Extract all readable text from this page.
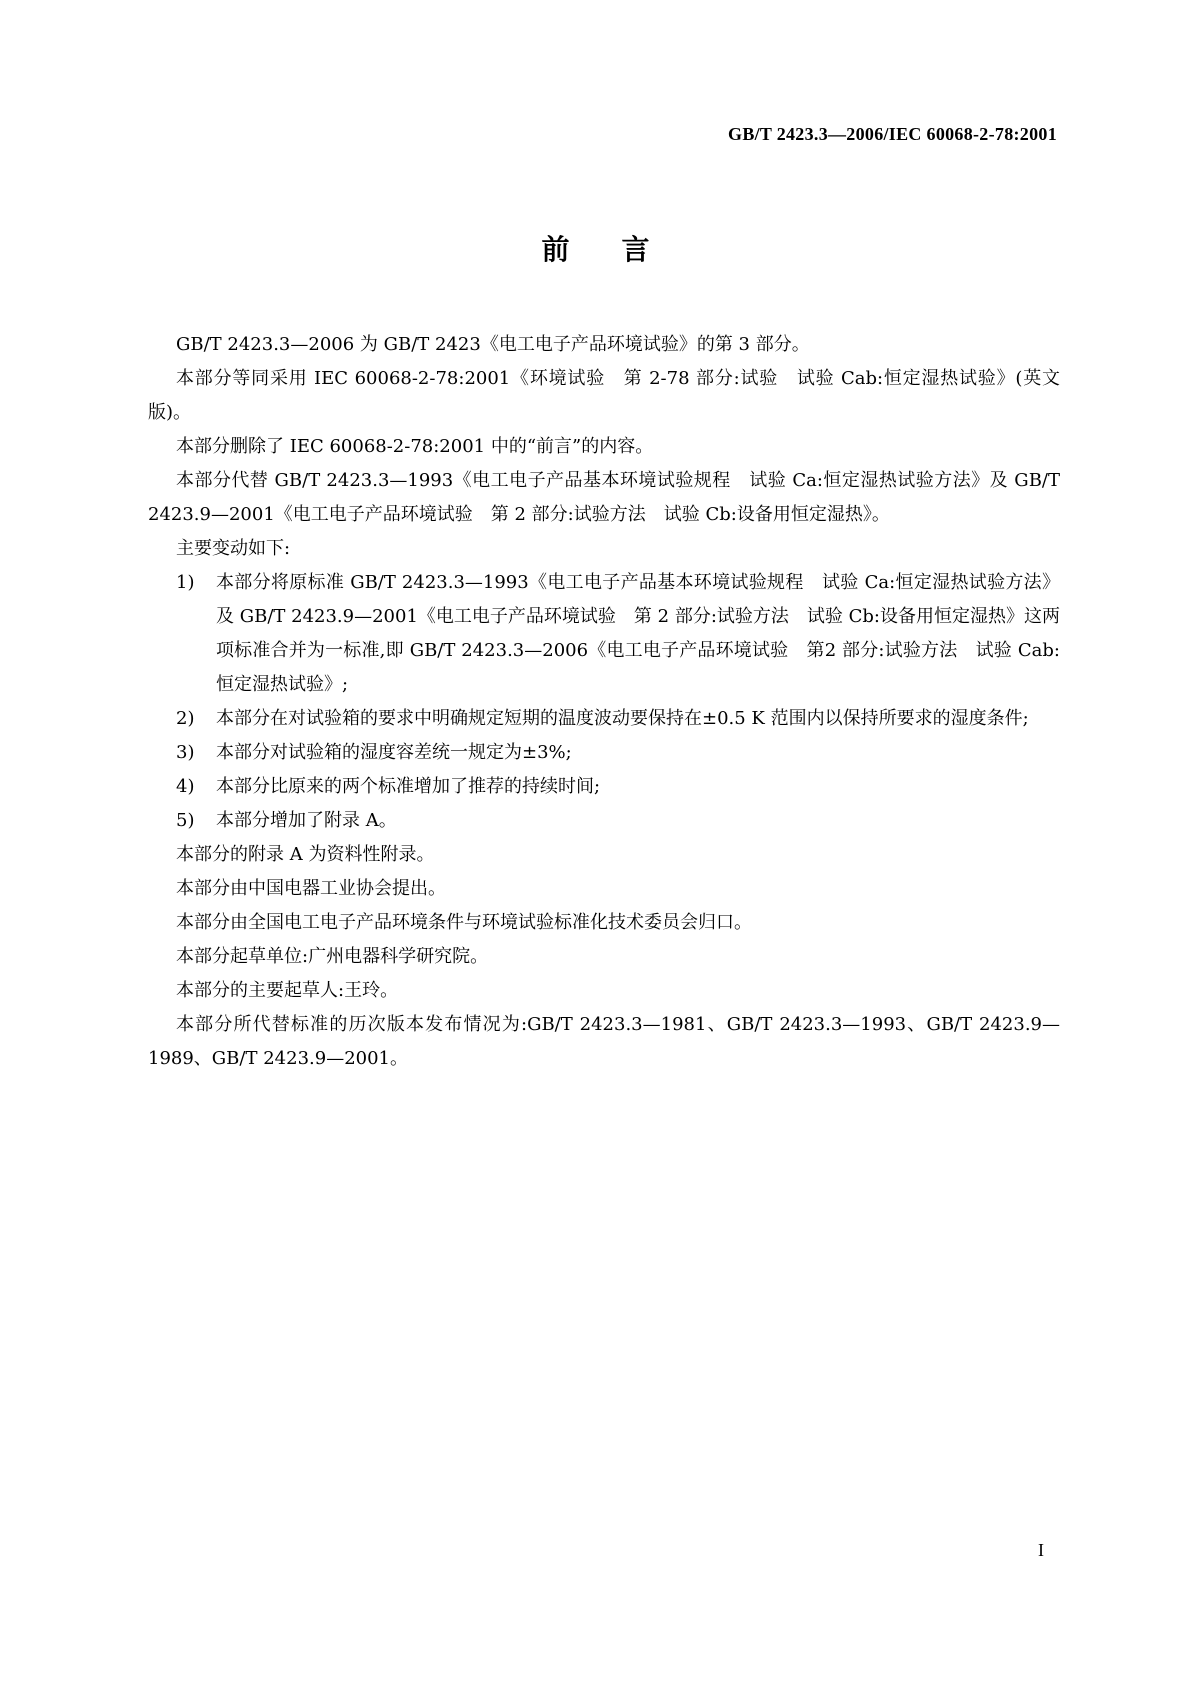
GB/T 2423.3—2006/IEC 60068-2-78:2001
前言

GB/T 2423.3—2006 为 GB/T 2423《电工电子产品环境试验》的第 3 部分。

本部分等同采用 IEC 60068-2-78:2001《环境试验　第 2-78 部分:试验　试验 Cab:恒定湿热试验》(英文版)。

本部分删除了 IEC 60068-2-78:2001 中的“前言”的内容。

本部分代替 GB/T 2423.3—1993《电工电子产品基本环境试验规程　试验 Ca:恒定湿热试验方法》及 GB/T 2423.9—2001《电工电子产品环境试验　第 2 部分:试验方法　试验 Cb:设备用恒定湿热》。

主要变动如下:

1) 本部分将原标准 GB/T 2423.3—1993《电工电子产品基本环境试验规程　试验 Ca:恒定湿热试验方法》及 GB/T 2423.9—2001《电工电子产品环境试验　第 2 部分:试验方法　试验 Cb:设备用恒定湿热》这两项标准合并为一标准,即 GB/T 2423.3—2006《电工电子产品环境试验　第2 部分:试验方法　试验 Cab:恒定湿热试验》;
2) 本部分在对试验箱的要求中明确规定短期的温度波动要保持在±0.5 K 范围内以保持所要求的湿度条件;
3) 本部分对试验箱的湿度容差统一规定为±3%;
4) 本部分比原来的两个标准增加了推荐的持续时间;
5) 本部分增加了附录 A。

本部分的附录 A 为资料性附录。

本部分由中国电器工业协会提出。

本部分由全国电工电子产品环境条件与环境试验标准化技术委员会归口。

本部分起草单位:广州电器科学研究院。

本部分的主要起草人:王玲。

本部分所代替标准的历次版本发布情况为:GB/T 2423.3—1981、GB/T 2423.3—1993、GB/T 2423.9—1989、GB/T 2423.9—2001。

I
